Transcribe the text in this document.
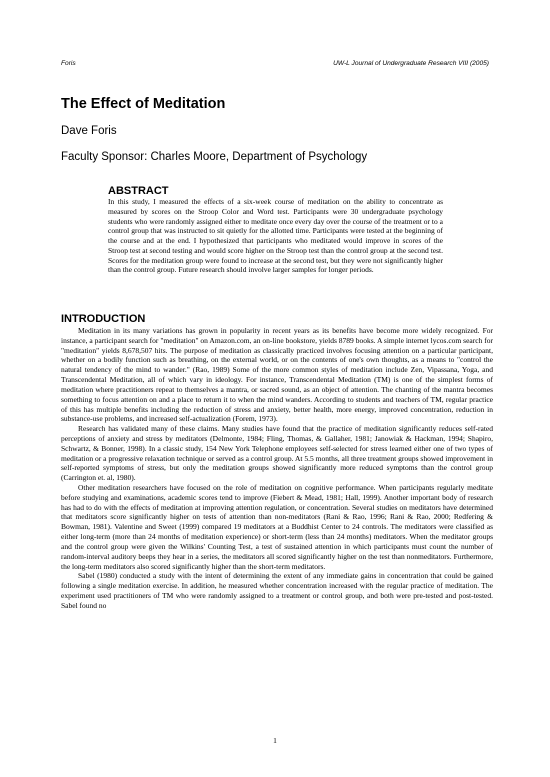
Foris	UW-L Journal of Undergraduate Research VIII (2005)
The Effect of Meditation
Dave Foris
Faculty Sponsor: Charles Moore, Department of Psychology
ABSTRACT

In this study, I measured the effects of a six-week course of meditation on the ability to concentrate as measured by scores on the Stroop Color and Word test. Participants were 30 undergraduate psychology students who were randomly assigned either to meditate once every day over the course of the treatment or to a control group that was instructed to sit quietly for the allotted time. Participants were tested at the beginning of the course and at the end. I hypothesized that participants who meditated would improve in scores of the Stroop test at second testing and would score higher on the Stroop test than the control group at the second test. Scores for the meditation group were found to increase at the second test, but they were not significantly higher than the control group. Future research should involve larger samples for longer periods.

INTRODUCTION

Meditation in its many variations has grown in popularity in recent years as its benefits have become more widely recognized. For instance, a participant search for "meditation" on Amazon.com, an on-line bookstore, yields 8789 books. A simple internet lycos.com search for "meditation" yields 8,678,507 hits. The purpose of meditation as classically practiced involves focusing attention on a particular participant, whether on a bodily function such as breathing, on the external world, or on the contents of one's own thoughts, as a means to "control the natural tendency of the mind to wander." (Rao, 1989) Some of the more common styles of meditation include Zen, Vipassana, Yoga, and Transcendental Meditation, all of which vary in ideology. For instance, Transcendental Meditation (TM) is one of the simplest forms of meditation where practitioners repeat to themselves a mantra, or sacred sound, as an object of attention. The chanting of the mantra becomes something to focus attention on and a place to return it to when the mind wanders. According to students and teachers of TM, regular practice of this has multiple benefits including the reduction of stress and anxiety, better health, more energy, improved concentration, reduction in substance-use problems, and increased self-actualization (Forem, 1973).

Research has validated many of these claims. Many studies have found that the practice of meditation significantly reduces self-rated perceptions of anxiety and stress by meditators (Delmonte, 1984; Fling, Thomas, & Gallaher, 1981; Janowiak & Hackman, 1994; Shapiro, Schwartz, & Bonner, 1998). In a classic study, 154 New York Telephone employees self-selected for stress learned either one of two types of meditation or a progressive relaxation technique or served as a control group. At 5.5 months, all three treatment groups showed improvement in self-reported symptoms of stress, but only the meditation groups showed significantly more reduced symptoms than the control group (Carrington et. al, 1980).

Other meditation researchers have focused on the role of meditation on cognitive performance. When participants regularly meditate before studying and examinations, academic scores tend to improve (Fiebert & Mead, 1981; Hall, 1999). Another important body of research has had to do with the effects of meditation at improving attention regulation, or concentration. Several studies on meditators have determined that meditators score significantly higher on tests of attention than non-meditators (Rani & Rao, 1996; Rani & Rao, 2000; Redfering & Bowman, 1981). Valentine and Sweet (1999) compared 19 meditators at a Buddhist Center to 24 controls. The meditators were classified as either long-term (more than 24 months of meditation experience) or short-term (less than 24 months) meditators. When the meditator groups and the control group were given the Wilkins' Counting Test, a test of sustained attention in which participants must count the number of random-interval auditory beeps they hear in a series, the meditators all scored significantly higher on the test than nonmeditators. Furthermore, the long-term meditators also scored significantly higher than the short-term meditators.

Sabel (1980) conducted a study with the intent of determining the extent of any immediate gains in concentration that could be gained following a single meditation exercise. In addition, he measured whether concentration increased with the regular practice of meditation. The experiment used practitioners of TM who were randomly assigned to a treatment or control group, and both were pre-tested and post-tested. Sabel found no

1
